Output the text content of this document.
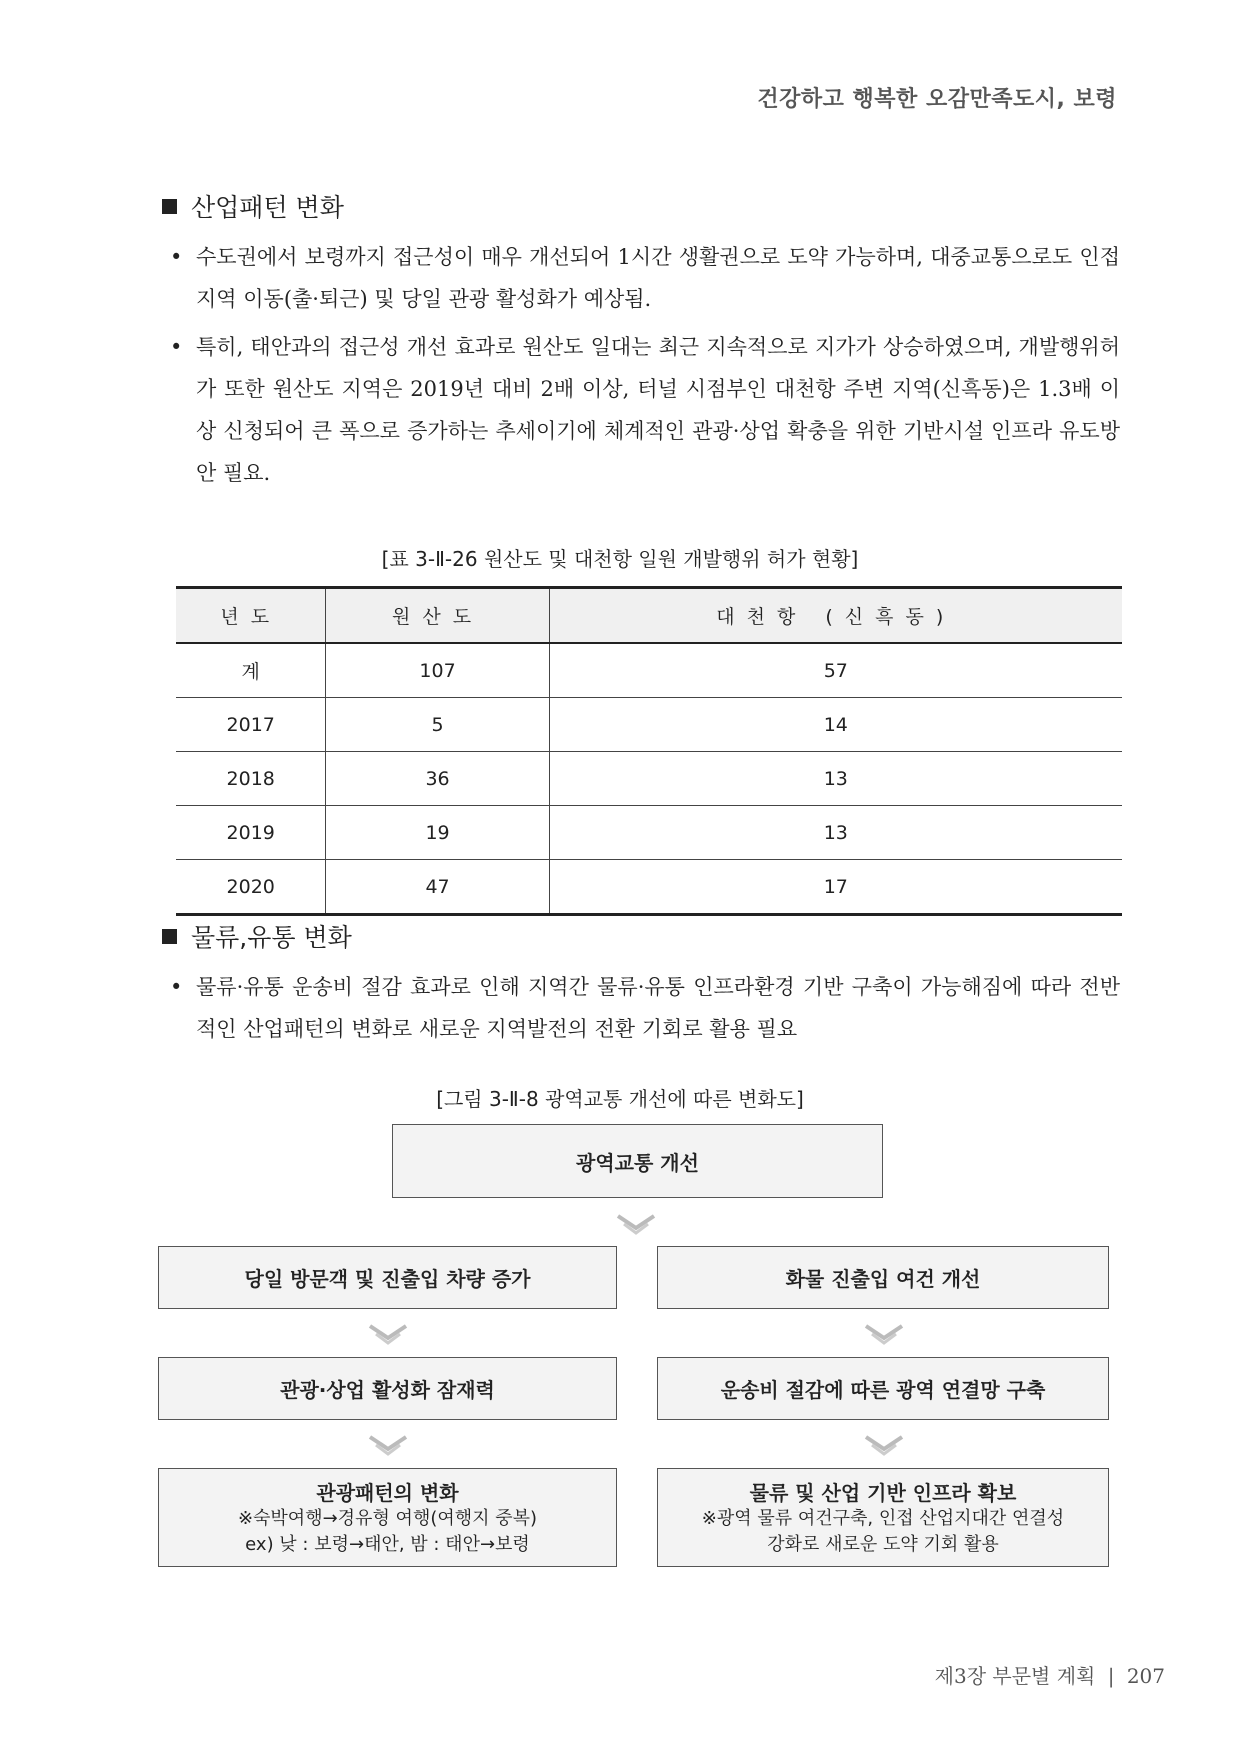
건강하고 행복한 오감만족도시, 보령
산업패턴 변화
• 수도권에서 보령까지 접근성이 매우 개선되어 1시간 생활권으로 도약 가능하며, 대중교통으로도 인접지역 이동(출·퇴근) 및 당일 관광 활성화가 예상됨.
• 특히, 태안과의 접근성 개선 효과로 원산도 일대는 최근 지속적으로 지가가 상승하였으며, 개발행위허가 또한 원산도 지역은 2019년 대비 2배 이상, 터널 시점부인 대천항 주변 지역(신흑동)은 1.3배 이상 신청되어 큰 폭으로 증가하는 추세이기에 체계적인 관광·상업 확충을 위한 기반시설 인프라 유도방안 필요.
[표 3-Ⅱ-26 원산도 및 대천항 일원 개발행위 허가 현황]
년도	원산도	대천항 (신흑동)
계	107	57
2017	5	14
2018	36	13
2019	19	13
2020	47	17
물류,유통 변화
• 물류·유통 운송비 절감 효과로 인해 지역간 물류·유통 인프라환경 기반 구축이 가능해짐에 따라 전반적인 산업패턴의 변화로 새로운 지역발전의 전환 기회로 활용 필요
[그림 3-Ⅱ-8 광역교통 개선에 따른 변화도]
광역교통 개선
당일 방문객 및 진출입 차량 증가
관광·상업 활성화 잠재력
관광패턴의 변화
※숙박여행→경유형 여행(여행지 중복)
ex) 낮 : 보령→태안, 밤 : 태안→보령
화물 진출입 여건 개선
운송비 절감에 따른 광역 연결망 구축
물류 및 산업 기반 인프라 확보
※광역 물류 여건구축, 인접 산업지대간 연결성
강화로 새로운 도약 기회 활용
제3장 부문별 계획 | 207
